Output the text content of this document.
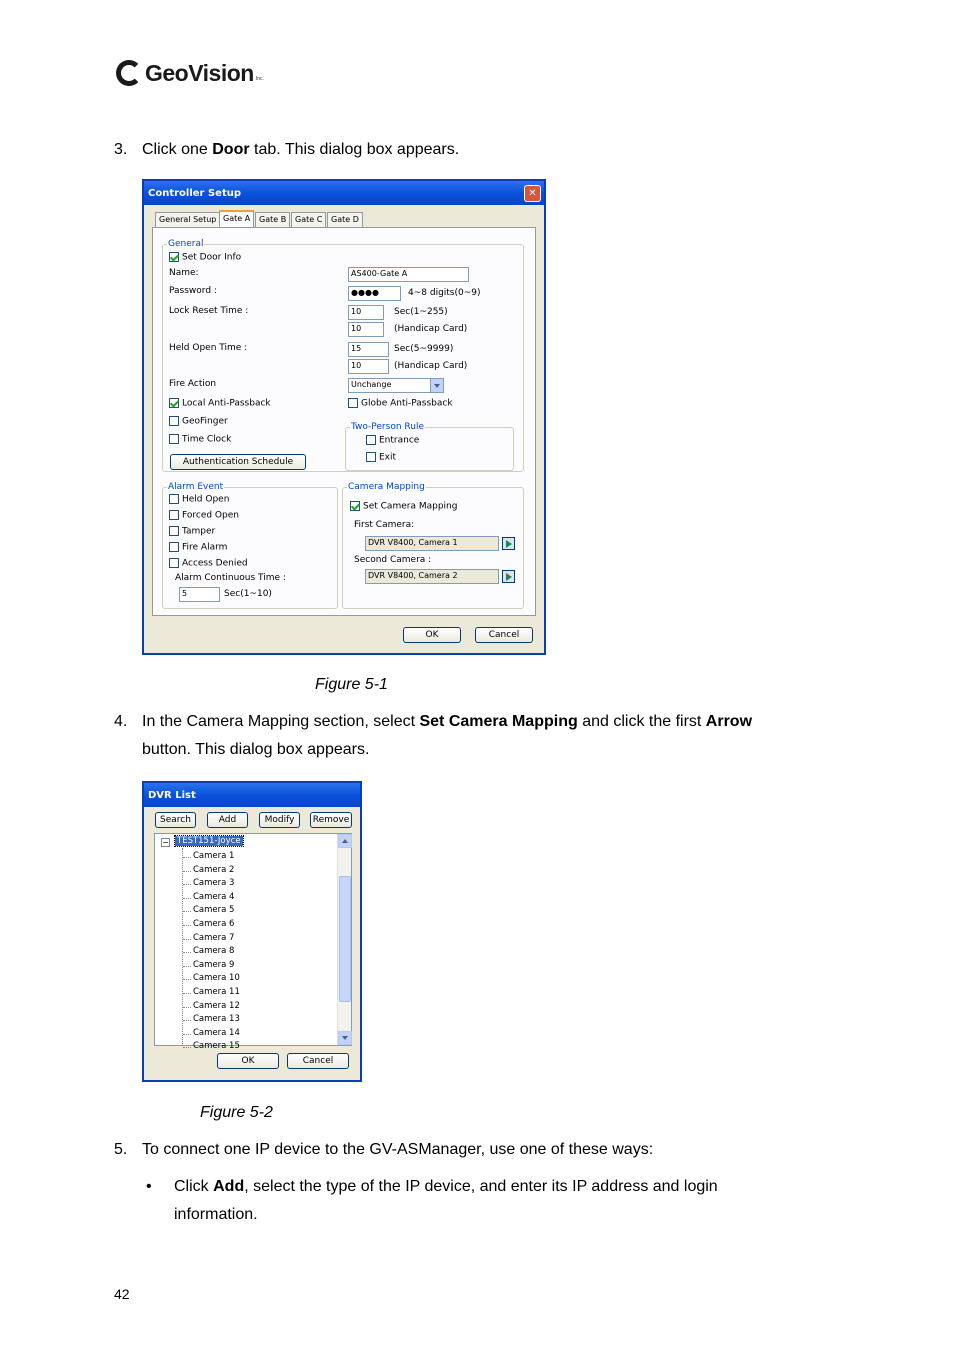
GeoVision Inc.
3. Click one Door tab. This dialog box appears.
Controller Setup	✕
General Setup Gate A	Gate B	Gate C	Gate D
General
Set Door Info
Name:	AS400-Gate A
Password :	●●●●	4~8 digits(0~9)
Lock Reset Time :	10	Sec(1~255)
10	(Handicap Card)
Held Open Time :	15	Sec(5~9999)
10	(Handicap Card)
Fire Action	Unchange
Local Anti-Passback	Globe Anti-Passback
GeoFinger
Time Clock
Two-Person Rule
Entrance
Exit
Authentication Schedule
Alarm Event
Held Open
Forced Open
Tamper
Fire Alarm
Access Denied
Alarm Continuous Time :
5	Sec(1~10)
Camera Mapping
Set Camera Mapping
First Camera:
DVR V8400, Camera 1
Second Camera :
DVR V8400, Camera 2
OK	Cancel
Figure 5-1
4. In the Camera Mapping section, select Set Camera Mapping and click the first Arrow
button. This dialog box appears.
DVR List
Search	Add	Modify	Remove
− TEST151-Joyce
Camera 1
Camera 2
Camera 3
Camera 4
Camera 5
Camera 6
Camera 7
Camera 8
Camera 9
Camera 10
Camera 11
Camera 12
Camera 13
Camera 14
Camera 15
OK	Cancel
Figure 5-2
5. To connect one IP device to the GV-ASManager, use one of these ways:
• Click Add, select the type of the IP device, and enter its IP address and login
information.
42
